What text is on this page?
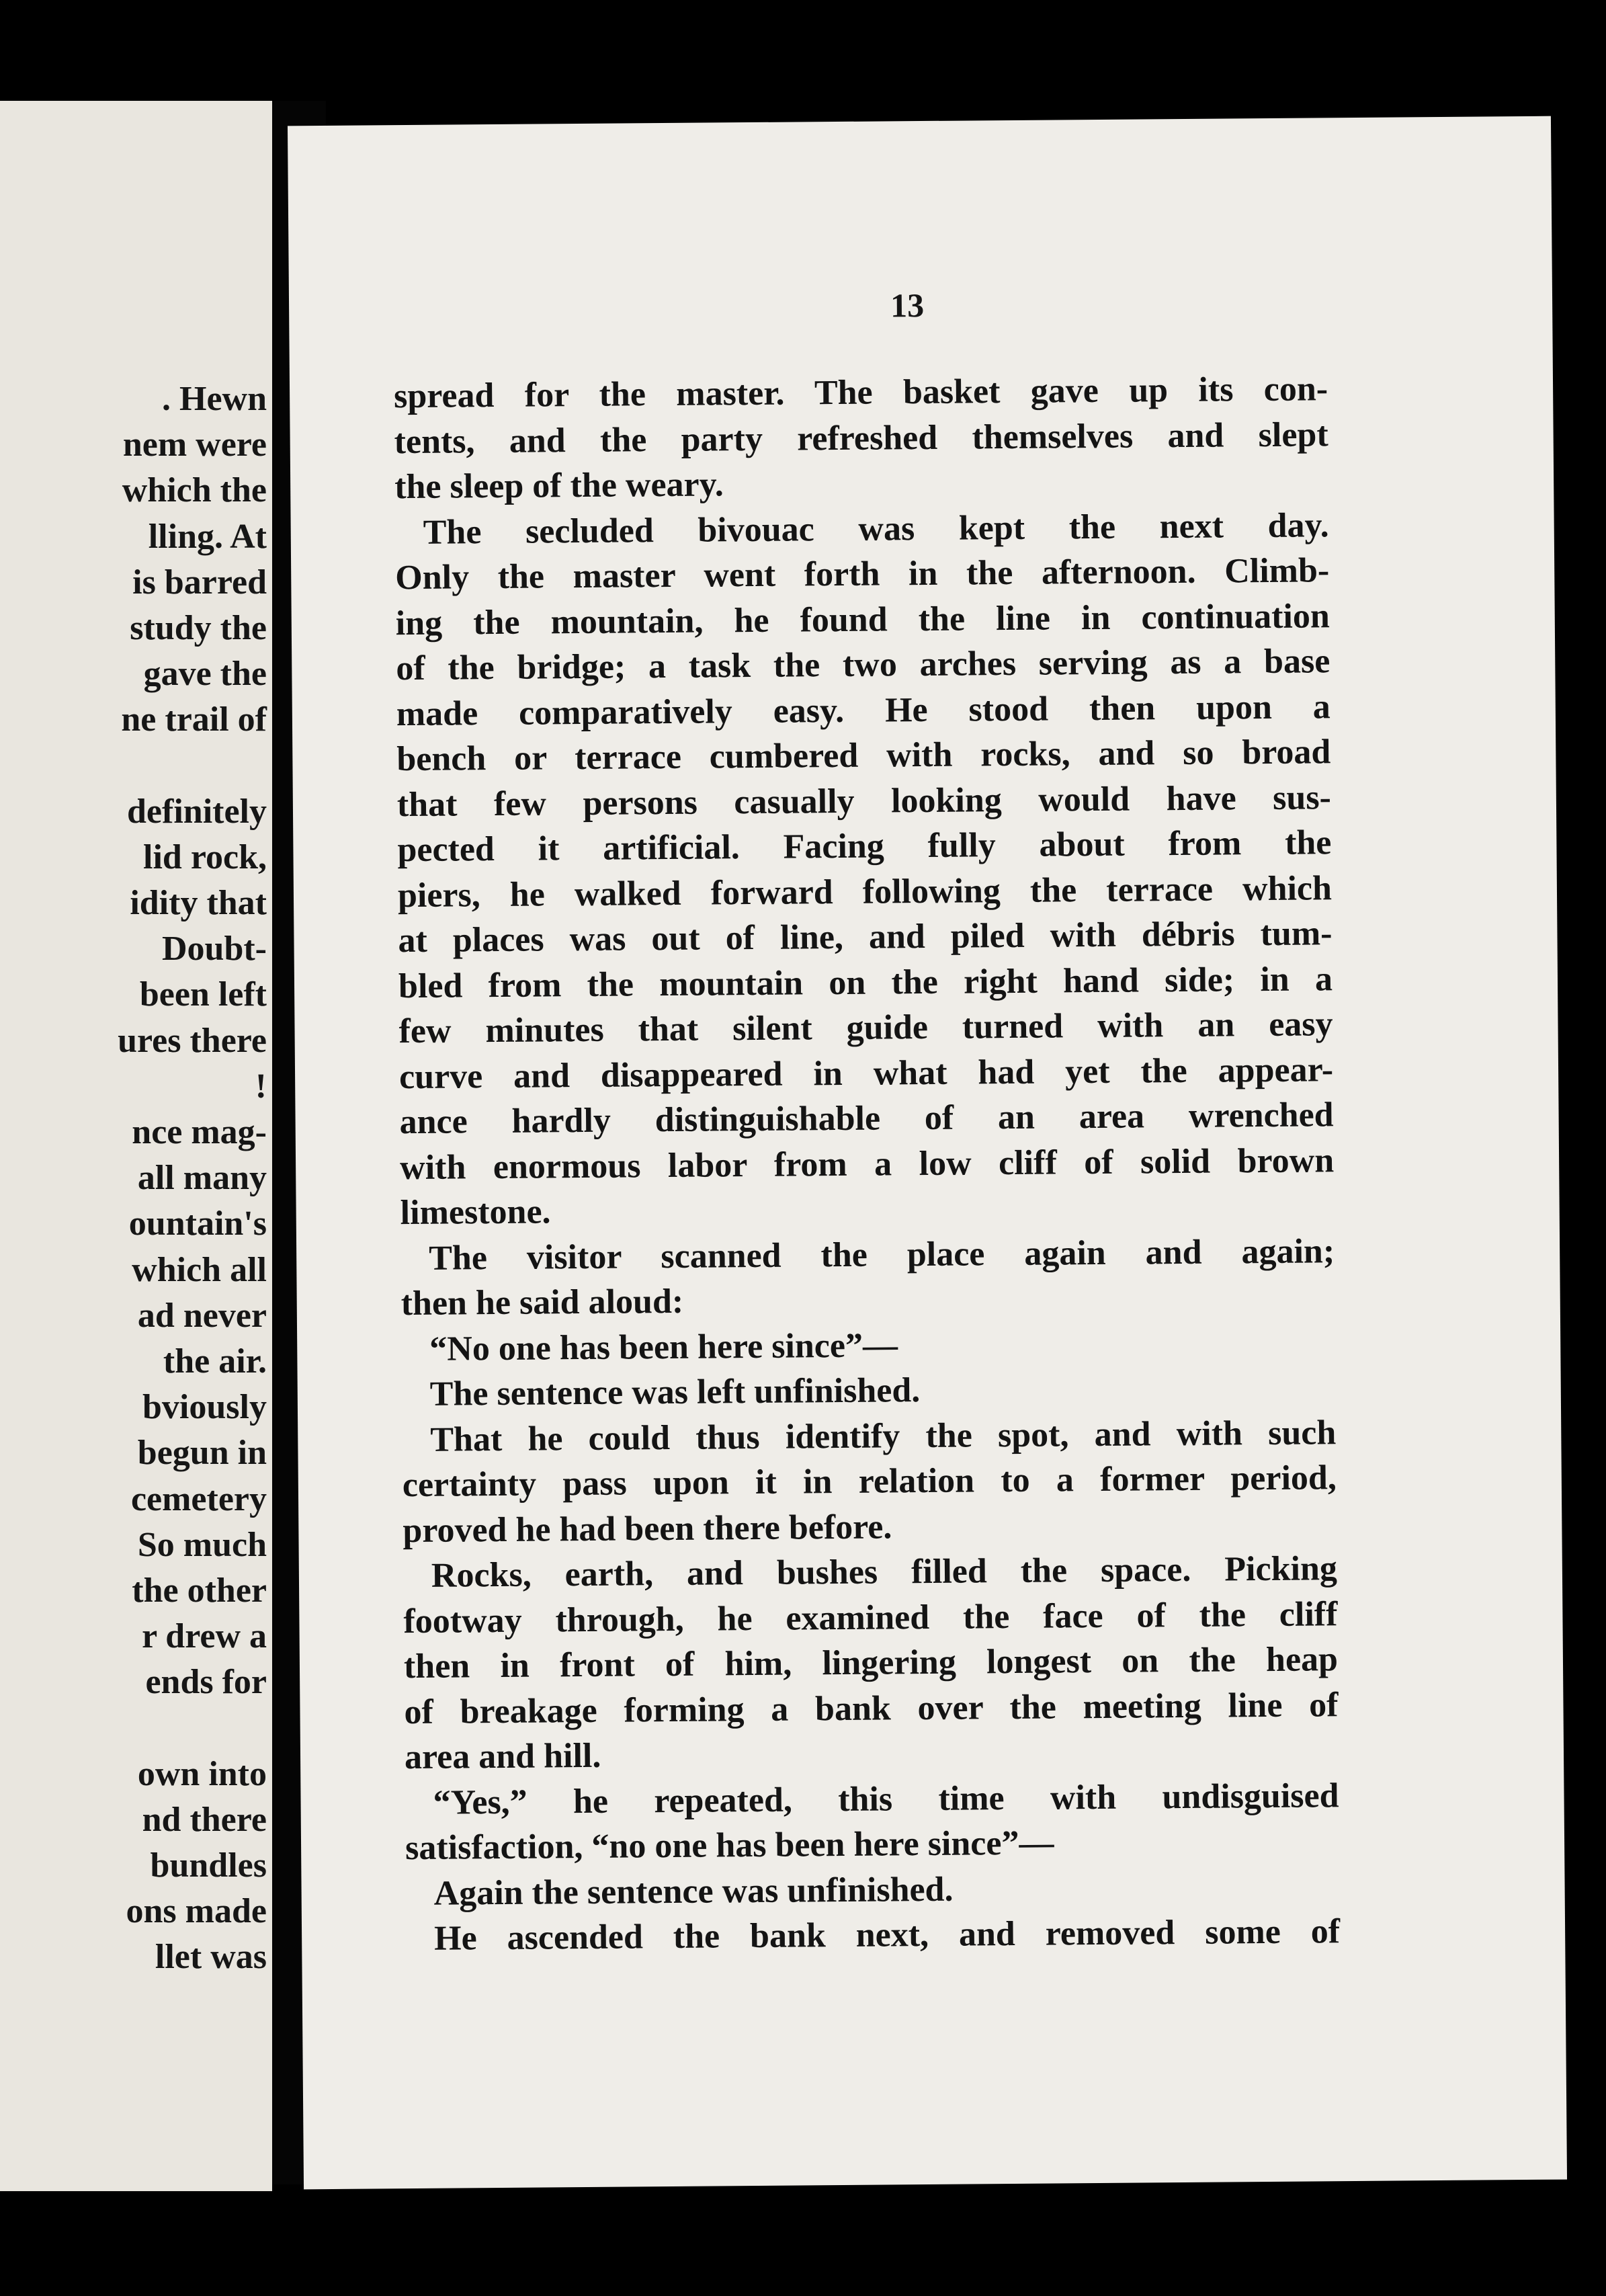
. Hewn
nem were
which the
lling. At
is barred
study the
gave the
ne trail of
definitely
lid rock,
idity that
Doubt-
been left
ures there
!
nce mag-
all many
ountain's
which all
ad never
the air.
bviously
begun in
cemetery
So much
the other
r drew a
ends for
own into
nd there
bundles
ons made
llet was
13
spread for the master. The basket gave up its con-
tents, and the party refreshed themselves and slept
the sleep of the weary.
The secluded bivouac was kept the next day.
Only the master went forth in the afternoon. Climb-
ing the mountain, he found the line in continuation
of the bridge; a task the two arches serving as a base
made comparatively easy. He stood then upon a
bench or terrace cumbered with rocks, and so broad
that few persons casually looking would have sus-
pected it artificial. Facing fully about from the
piers, he walked forward following the terrace which
at places was out of line, and piled with débris tum-
bled from the mountain on the right hand side; in a
few minutes that silent guide turned with an easy
curve and disappeared in what had yet the appear-
ance hardly distinguishable of an area wrenched
with enormous labor from a low cliff of solid brown
limestone.
The visitor scanned the place again and again;
then he said aloud:
“No one has been here since”—
The sentence was left unfinished.
That he could thus identify the spot, and with such
certainty pass upon it in relation to a former period,
proved he had been there before.
Rocks, earth, and bushes filled the space. Picking
footway through, he examined the face of the cliff
then in front of him, lingering longest on the heap
of breakage forming a bank over the meeting line of
area and hill.
“Yes,” he repeated, this time with undisguised
satisfaction, “no one has been here since”—
Again the sentence was unfinished.
He ascended the bank next, and removed some of
